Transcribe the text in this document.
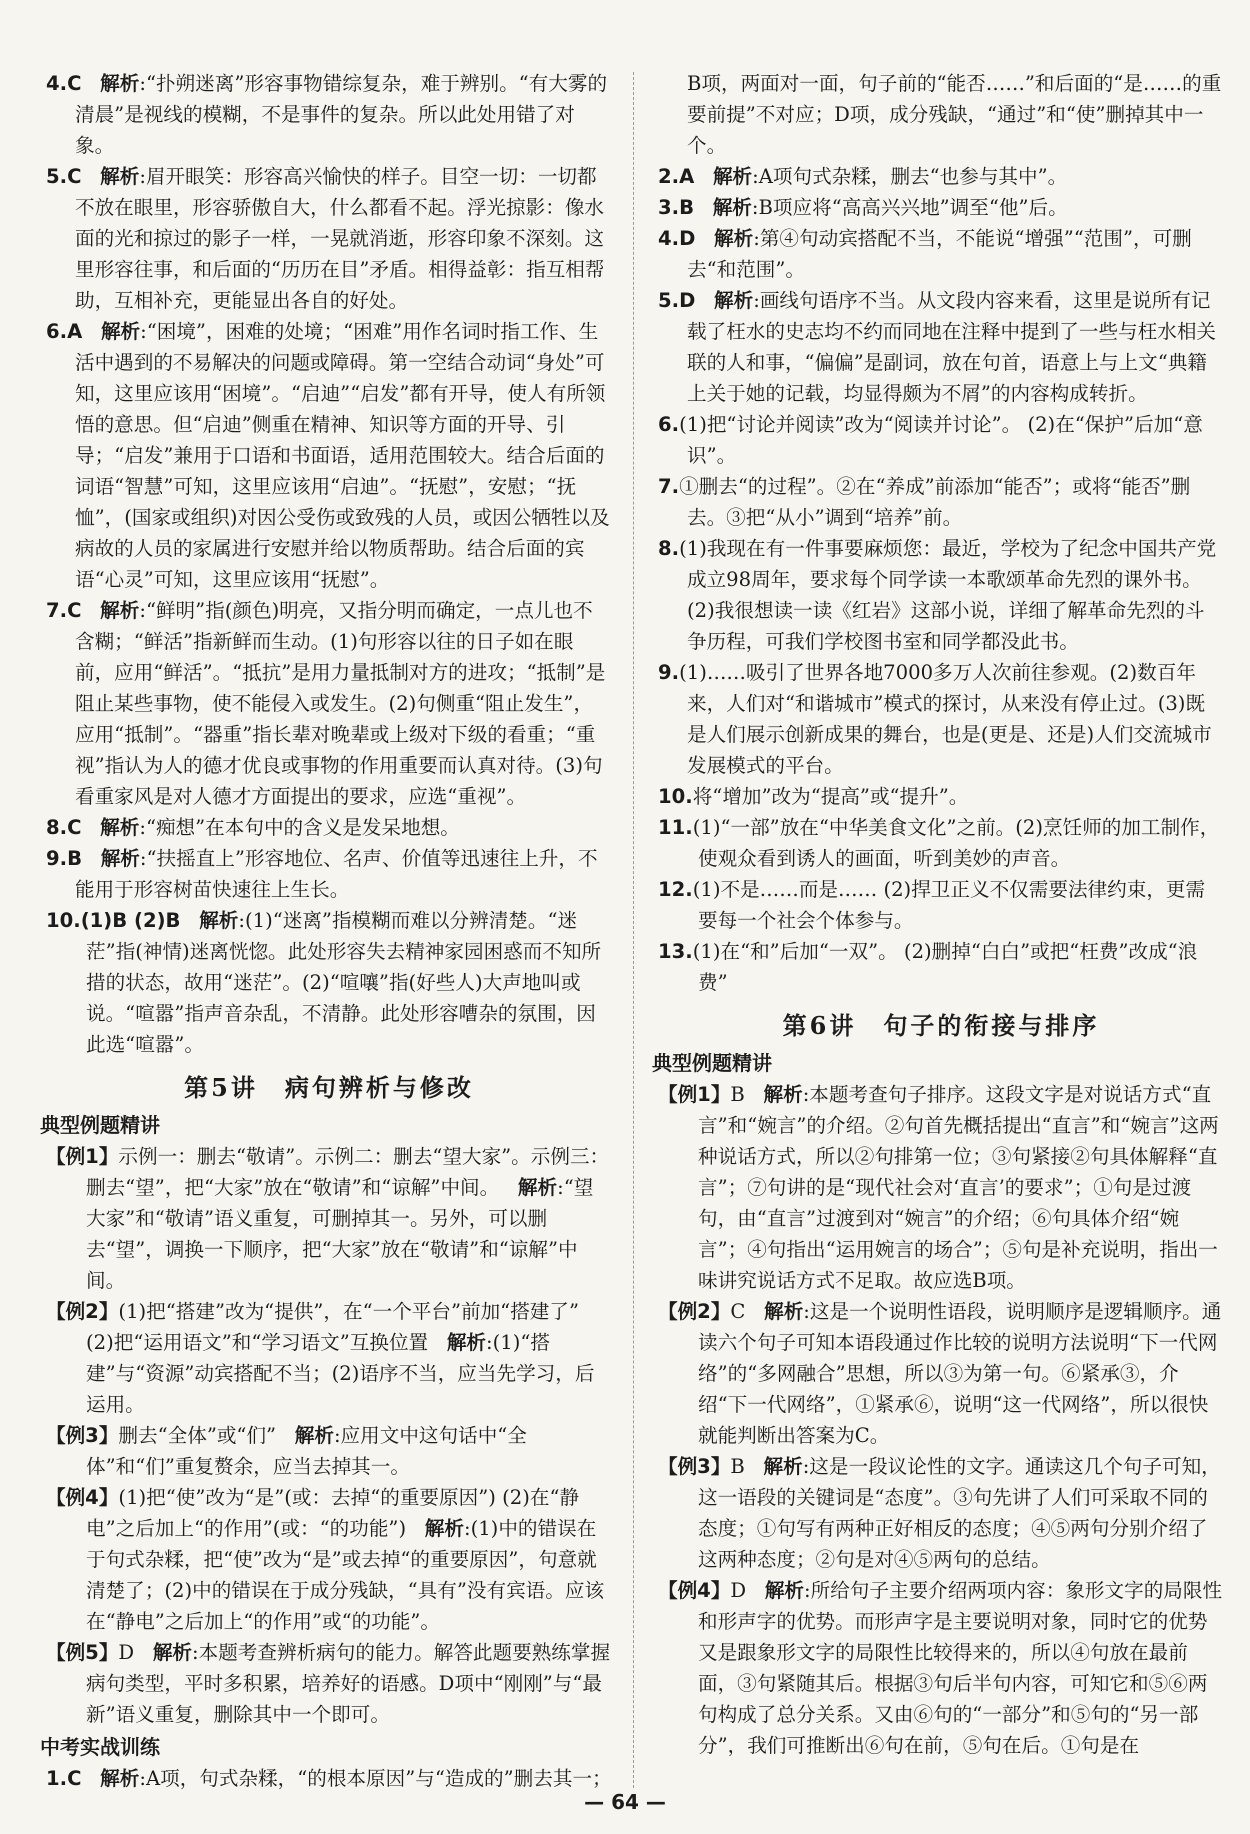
4.C 解析:“扑朔迷离”形容事物错综复杂，难于辨别。“有大雾的清晨”是视线的模糊，不是事件的复杂。所以此处用错了对象。

5.C 解析:眉开眼笑：形容高兴愉快的样子。目空一切：一切都不放在眼里，形容骄傲自大，什么都看不起。浮光掠影：像水面的光和掠过的影子一样，一晃就消逝，形容印象不深刻。这里形容往事，和后面的“历历在目”矛盾。相得益彰：指互相帮助，互相补充，更能显出各自的好处。

6.A 解析:“困境”，困难的处境；“困难”用作名词时指工作、生活中遇到的不易解决的问题或障碍。第一空结合动词“身处”可知，这里应该用“困境”。“启迪”“启发”都有开导，使人有所领悟的意思。但“启迪”侧重在精神、知识等方面的开导、引导；“启发”兼用于口语和书面语，适用范围较大。结合后面的词语“智慧”可知，这里应该用“启迪”。“抚慰”，安慰；“抚恤”，(国家或组织)对因公受伤或致残的人员，或因公牺牲以及病故的人员的家属进行安慰并给以物质帮助。结合后面的宾语“心灵”可知，这里应该用“抚慰”。

7.C 解析:“鲜明”指(颜色)明亮，又指分明而确定，一点儿也不含糊；“鲜活”指新鲜而生动。(1)句形容以往的日子如在眼前，应用“鲜活”。“抵抗”是用力量抵制对方的进攻；“抵制”是阻止某些事物，使不能侵入或发生。(2)句侧重“阻止发生”，应用“抵制”。“器重”指长辈对晚辈或上级对下级的看重；“重视”指认为人的德才优良或事物的作用重要而认真对待。(3)句看重家风是对人德才方面提出的要求，应选“重视”。

8.C 解析:“痴想”在本句中的含义是发呆地想。

9.B 解析:“扶摇直上”形容地位、名声、价值等迅速往上升，不能用于形容树苗快速往上生长。

10.(1)B (2)B 解析:(1)“迷离”指模糊而难以分辨清楚。“迷茫”指(神情)迷离恍惚。此处形容失去精神家园困惑而不知所措的状态，故用“迷茫”。(2)“喧嚷”指(好些人)大声地叫或说。“喧嚣”指声音杂乱，不清静。此处形容嘈杂的氛围，因此选“喧嚣”。

第5讲　病句辨析与修改
典型例题精讲

【例1】示例一：删去“敬请”。示例二：删去“望大家”。示例三：删去“望”，把“大家”放在“敬请”和“谅解”中间。 解析:“望大家”和“敬请”语义重复，可删掉其一。另外，可以删去“望”，调换一下顺序，把“大家”放在“敬请”和“谅解”中间。

【例2】(1)把“搭建”改为“提供”，在“一个平台”前加“搭建了” (2)把“运用语文”和“学习语文”互换位置 解析:(1)“搭建”与“资源”动宾搭配不当；(2)语序不当，应当先学习，后运用。

【例3】删去“全体”或“们” 解析:应用文中这句话中“全体”和“们”重复赘余，应当去掉其一。

【例4】(1)把“使”改为“是”(或：去掉“的重要原因”) (2)在“静电”之后加上“的作用”(或：“的功能”) 解析:(1)中的错误在于句式杂糅，把“使”改为“是”或去掉“的重要原因”，句意就清楚了；(2)中的错误在于成分残缺，“具有”没有宾语。应该在“静电”之后加上“的作用”或“的功能”。

【例5】D 解析:本题考查辨析病句的能力。解答此题要熟练掌握病句类型，平时多积累，培养好的语感。D项中“刚刚”与“最新”语义重复，删除其中一个即可。

中考实战训练

1.C 解析:A项，句式杂糅，“的根本原因”与“造成的”删去其一；

B项，两面对一面，句子前的“能否……”和后面的“是……的重要前提”不对应；D项，成分残缺，“通过”和“使”删掉其中一个。

2.A 解析:A项句式杂糅，删去“也参与其中”。

3.B 解析:B项应将“高高兴兴地”调至“他”后。

4.D 解析:第④句动宾搭配不当，不能说“增强”“范围”，可删去“和范围”。

5.D 解析:画线句语序不当。从文段内容来看，这里是说所有记载了枉水的史志均不约而同地在注释中提到了一些与枉水相关联的人和事，“偏偏”是副词，放在句首，语意上与上文“典籍上关于她的记载，均显得颇为不屑”的内容构成转折。

6.(1)把“讨论并阅读”改为“阅读并讨论”。 (2)在“保护”后加“意识”。

7.①删去“的过程”。②在“养成”前添加“能否”；或将“能否”删去。③把“从小”调到“培养”前。

8.(1)我现在有一件事要麻烦您：最近，学校为了纪念中国共产党成立98周年，要求每个同学读一本歌颂革命先烈的课外书。(2)我很想读一读《红岩》这部小说，详细了解革命先烈的斗争历程，可我们学校图书室和同学都没此书。

9.(1)……吸引了世界各地7000多万人次前往参观。(2)数百年来，人们对“和谐城市”模式的探讨，从来没有停止过。(3)既是人们展示创新成果的舞台，也是(更是、还是)人们交流城市发展模式的平台。

10.将“增加”改为“提高”或“提升”。

11.(1)“一部”放在“中华美食文化”之前。(2)烹饪师的加工制作，使观众看到诱人的画面，听到美妙的声音。

12.(1)不是……而是…… (2)捍卫正义不仅需要法律约束，更需要每一个社会个体参与。

13.(1)在“和”后加“一双”。 (2)删掉“白白”或把“枉费”改成“浪费”

第6讲　句子的衔接与排序
典型例题精讲

【例1】B 解析:本题考查句子排序。这段文字是对说话方式“直言”和“婉言”的介绍。②句首先概括提出“直言”和“婉言”这两种说话方式，所以②句排第一位；③句紧接②句具体解释“直言”；⑦句讲的是“现代社会对‘直言’的要求”；①句是过渡句，由“直言”过渡到对“婉言”的介绍；⑥句具体介绍“婉言”；④句指出“运用婉言的场合”；⑤句是补充说明，指出一味讲究说话方式不足取。故应选B项。

【例2】C 解析:这是一个说明性语段，说明顺序是逻辑顺序。通读六个句子可知本语段通过作比较的说明方法说明“下一代网络”的“多网融合”思想，所以③为第一句。⑥紧承③，介绍“下一代网络”，①紧承⑥，说明“这一代网络”，所以很快就能判断出答案为C。

【例3】B 解析:这是一段议论性的文字。通读这几个句子可知，这一语段的关键词是“态度”。③句先讲了人们可采取不同的态度；①句写有两种正好相反的态度；④⑤两句分别介绍了这两种态度；②句是对④⑤两句的总结。

【例4】D 解析:所给句子主要介绍两项内容：象形文字的局限性和形声字的优势。而形声字是主要说明对象，同时它的优势又是跟象形文字的局限性比较得来的，所以④句放在最前面，③句紧随其后。根据③句后半句内容，可知它和⑤⑥两句构成了总分关系。又由⑥句的“一部分”和⑤句的“另一部分”，我们可推断出⑥句在前，⑤句在后。①句是在

— 64 —
